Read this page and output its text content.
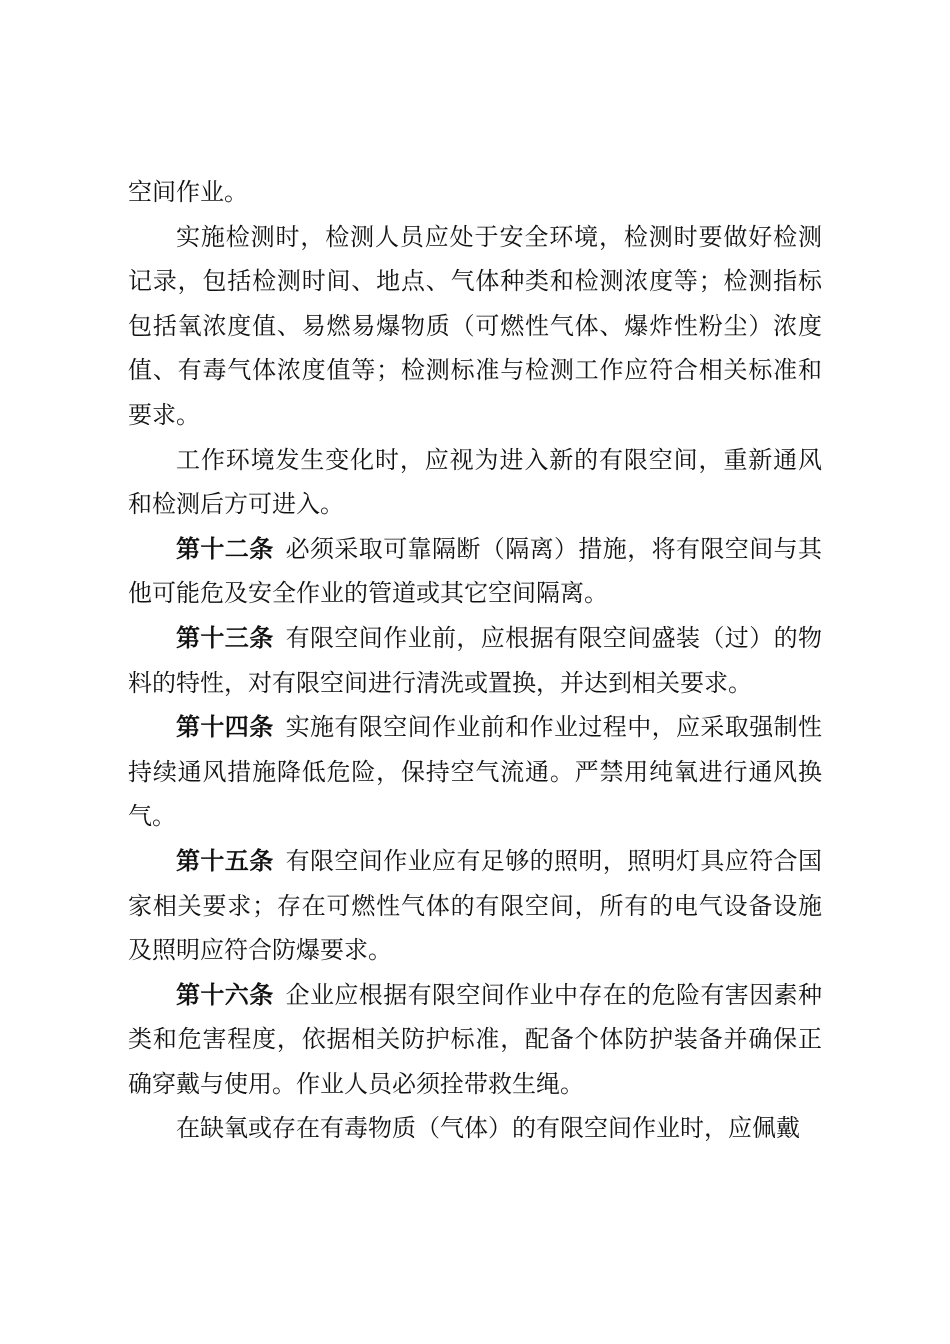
空间作业。

实施检测时，检测人员应处于安全环境，检测时要做好检测记录，包括检测时间、地点、气体种类和检测浓度等；检测指标包括氧浓度值、易燃易爆物质（可燃性气体、爆炸性粉尘）浓度值、有毒气体浓度值等；检测标准与检测工作应符合相关标准和要求。

工作环境发生变化时，应视为进入新的有限空间，重新通风和检测后方可进入。

第十二条 必须采取可靠隔断（隔离）措施，将有限空间与其他可能危及安全作业的管道或其它空间隔离。

第十三条 有限空间作业前，应根据有限空间盛装（过）的物料的特性，对有限空间进行清洗或置换，并达到相关要求。

第十四条 实施有限空间作业前和作业过程中，应采取强制性持续通风措施降低危险，保持空气流通。严禁用纯氧进行通风换气。

第十五条 有限空间作业应有足够的照明，照明灯具应符合国家相关要求；存在可燃性气体的有限空间，所有的电气设备设施及照明应符合防爆要求。

第十六条 企业应根据有限空间作业中存在的危险有害因素种类和危害程度，依据相关防护标准，配备个体防护装备并确保正确穿戴与使用。作业人员必须拴带救生绳。

在缺氧或存在有毒物质（气体）的有限空间作业时，应佩戴
